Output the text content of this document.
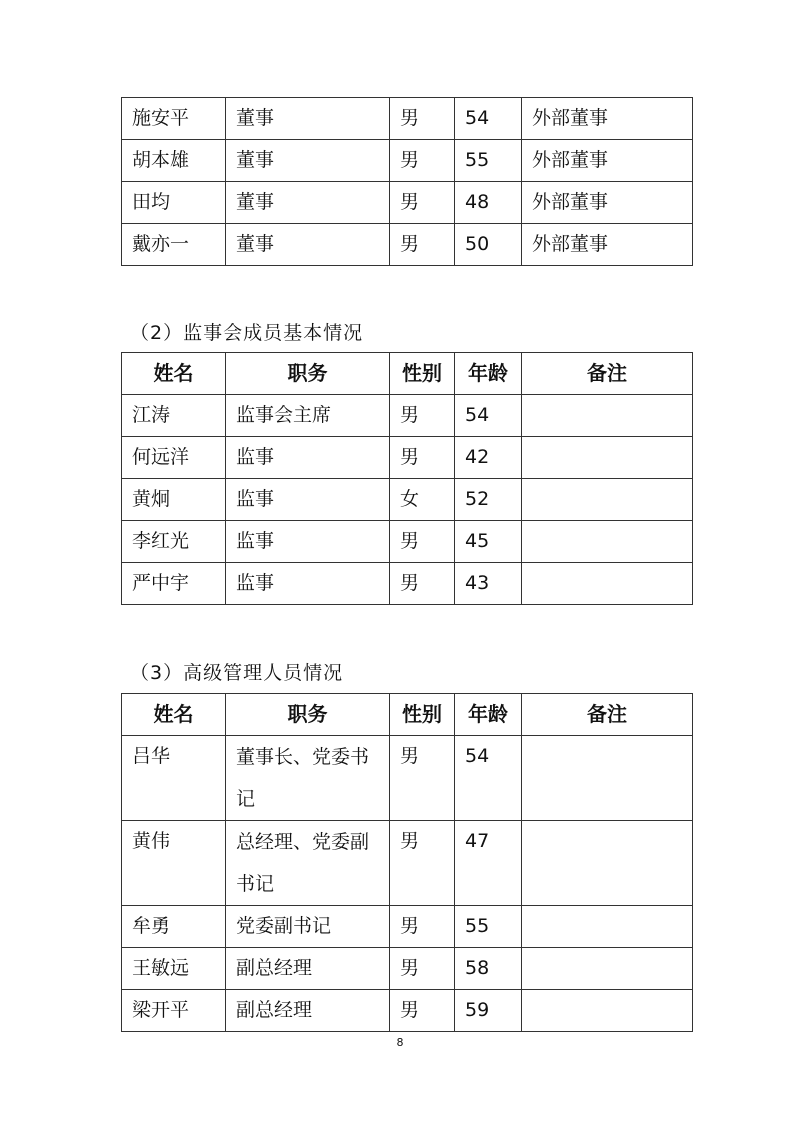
施安平	董事	男	54	外部董事
胡本雄	董事	男	55	外部董事
田均	董事	男	48	外部董事
戴亦一	董事	男	50	外部董事
（2）监事会成员基本情况
姓名	职务	性别	年龄	备注
江涛	监事会主席	男	54	
何远洋	监事	男	42	
黄炯	监事	女	52	
李红光	监事	男	45	
严中宇	监事	男	43	
（3）高级管理人员情况
姓名	职务	性别	年龄	备注
吕华	董事长、党委书记	男	54	
黄伟	总经理、党委副书记	男	47	
牟勇	党委副书记	男	55	
王敏远	副总经理	男	58	
梁开平	副总经理	男	59	
8
